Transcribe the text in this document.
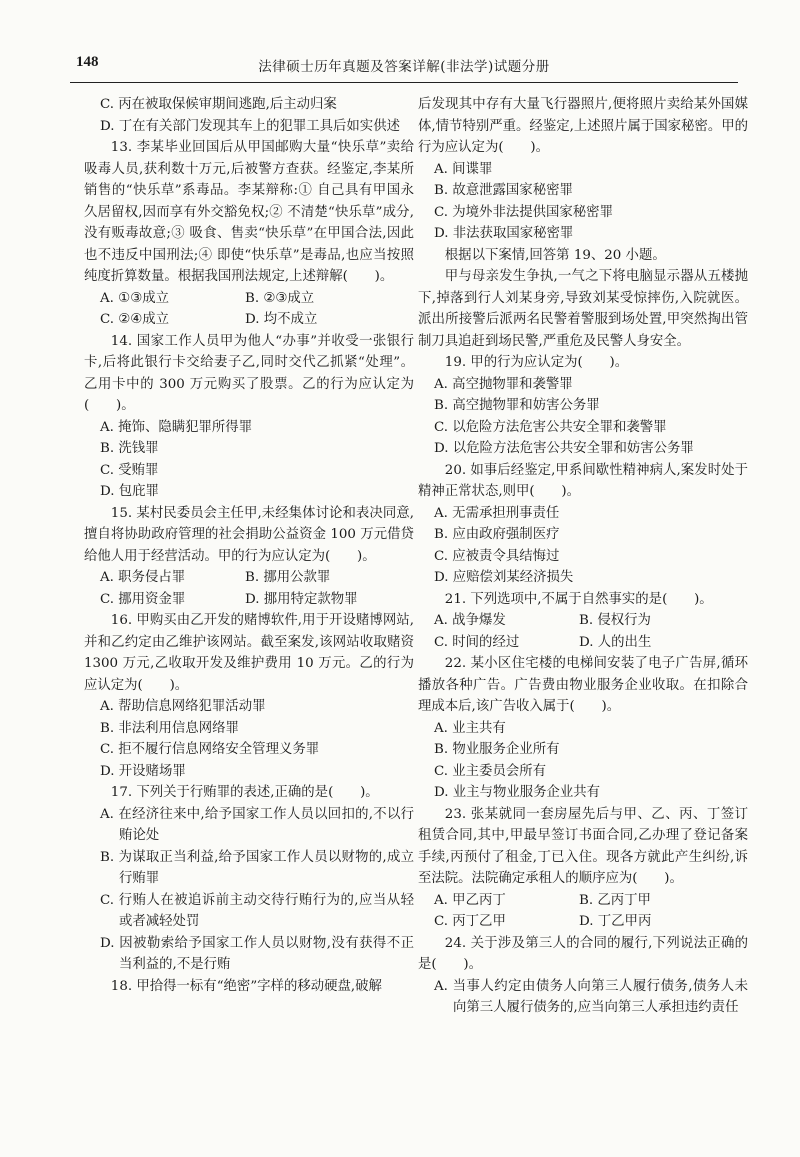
148	法律硕士历年真题及答案详解(非法学)试题分册

C. 丙在被取保候审期间逃跑,后主动归案

D. 丁在有关部门发现其车上的犯罪工具后如实供述

13. 李某毕业回国后从甲国邮购大量“快乐草”卖给吸毒人员,获利数十万元,后被警方查获。经鉴定,李某所销售的“快乐草”系毒品。李某辩称:① 自己具有甲国永久居留权,因而享有外交豁免权;② 不清楚“快乐草”成分,没有贩毒故意;③ 吸食、售卖“快乐草”在甲国合法,因此也不违反中国刑法;④ 即使“快乐草”是毒品,也应当按照纯度折算数量。根据我国刑法规定,上述辩解(　　)。

A. ①③成立	B. ②③成立
C. ②④成立	D. 均不成立

14. 国家工作人员甲为他人“办事”并收受一张银行卡,后将此银行卡交给妻子乙,同时交代乙抓紧“处理”。乙用卡中的 300 万元购买了股票。乙的行为应认定为(　　)。

A. 掩饰、隐瞒犯罪所得罪

B. 洗钱罪

C. 受贿罪

D. 包庇罪

15. 某村民委员会主任甲,未经集体讨论和表决同意,擅自将协助政府管理的社会捐助公益资金 100 万元借贷给他人用于经营活动。甲的行为应认定为(　　)。

A. 职务侵占罪	B. 挪用公款罪
C. 挪用资金罪	D. 挪用特定款物罪

16. 甲购买由乙开发的赌博软件,用于开设赌博网站,并和乙约定由乙维护该网站。截至案发,该网站收取赌资 1300 万元,乙收取开发及维护费用 10 万元。乙的行为应认定为(　　)。

A. 帮助信息网络犯罪活动罪

B. 非法利用信息网络罪

C. 拒不履行信息网络安全管理义务罪

D. 开设赌场罪

17. 下列关于行贿罪的表述,正确的是(　　)。

A. 在经济往来中,给予国家工作人员以回扣的,不以行贿论处

B. 为谋取正当利益,给予国家工作人员以财物的,成立行贿罪

C. 行贿人在被追诉前主动交待行贿行为的,应当从轻或者减轻处罚

D. 因被勒索给予国家工作人员以财物,没有获得不正当利益的,不是行贿

18. 甲拾得一标有“绝密”字样的移动硬盘,破解

后发现其中存有大量飞行器照片,便将照片卖给某外国媒体,情节特别严重。经鉴定,上述照片属于国家秘密。甲的行为应认定为(　　)。

A. 间谍罪

B. 故意泄露国家秘密罪

C. 为境外非法提供国家秘密罪

D. 非法获取国家秘密罪

根据以下案情,回答第 19、20 小题。

甲与母亲发生争执,一气之下将电脑显示器从五楼抛下,掉落到行人刘某身旁,导致刘某受惊摔伤,入院就医。派出所接警后派两名民警着警服到场处置,甲突然掏出管制刀具追赶到场民警,严重危及民警人身安全。

19. 甲的行为应认定为(　　)。

A. 高空抛物罪和袭警罪

B. 高空抛物罪和妨害公务罪

C. 以危险方法危害公共安全罪和袭警罪

D. 以危险方法危害公共安全罪和妨害公务罪

20. 如事后经鉴定,甲系间歇性精神病人,案发时处于精神正常状态,则甲(　　)。

A. 无需承担刑事责任

B. 应由政府强制医疗

C. 应被责令具结悔过

D. 应赔偿刘某经济损失

21. 下列选项中,不属于自然事实的是(　　)。

A. 战争爆发	B. 侵权行为
C. 时间的经过	D. 人的出生

22. 某小区住宅楼的电梯间安装了电子广告屏,循环播放各种广告。广告费由物业服务企业收取。在扣除合理成本后,该广告收入属于(　　)。

A. 业主共有

B. 物业服务企业所有

C. 业主委员会所有

D. 业主与物业服务企业共有

23. 张某就同一套房屋先后与甲、乙、丙、丁签订租赁合同,其中,甲最早签订书面合同,乙办理了登记备案手续,丙预付了租金,丁已入住。现各方就此产生纠纷,诉至法院。法院确定承租人的顺序应为(　　)。

A. 甲乙丙丁	B. 乙丙丁甲
C. 丙丁乙甲	D. 丁乙甲丙

24. 关于涉及第三人的合同的履行,下列说法正确的是(　　)。

A. 当事人约定由债务人向第三人履行债务,债务人未向第三人履行债务的,应当向第三人承担违约责任
